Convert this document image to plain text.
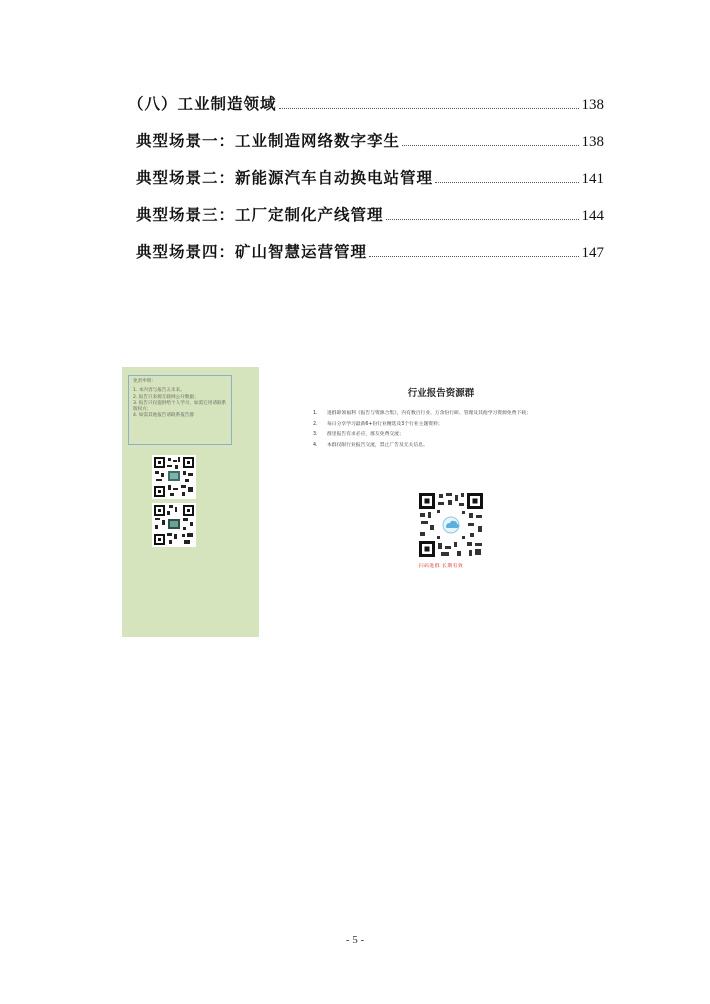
（八）工业制造领域	138
典型场景一：工业制造网络数字孪生	138
典型场景二：新能源汽车自动换电站管理	141
典型场景三：工厂定制化产线管理	144
典型场景四：矿山智慧运营管理	147
免责申明：
1. 本内容与报告五未来。
2. 报告只来源互联网公开数据；
3. 报告只仅提供给个人学习，如需它用请联系版权方；
4. 如需其他报告请联系报告群
行业报告资源群
1.	进群即领福利《报告与资源合集》，内有数百行业、万余份行研、管理及其他学习资源免费下载；
2.	每日分享学习最新6+份行业精选及3个行业主题资料；
3.	群里报告有求必应，群友免费交流；
4.	本群仅限行业报告交流，禁止广告及无关信息。
扫码进群 长期有效
- 5 -
